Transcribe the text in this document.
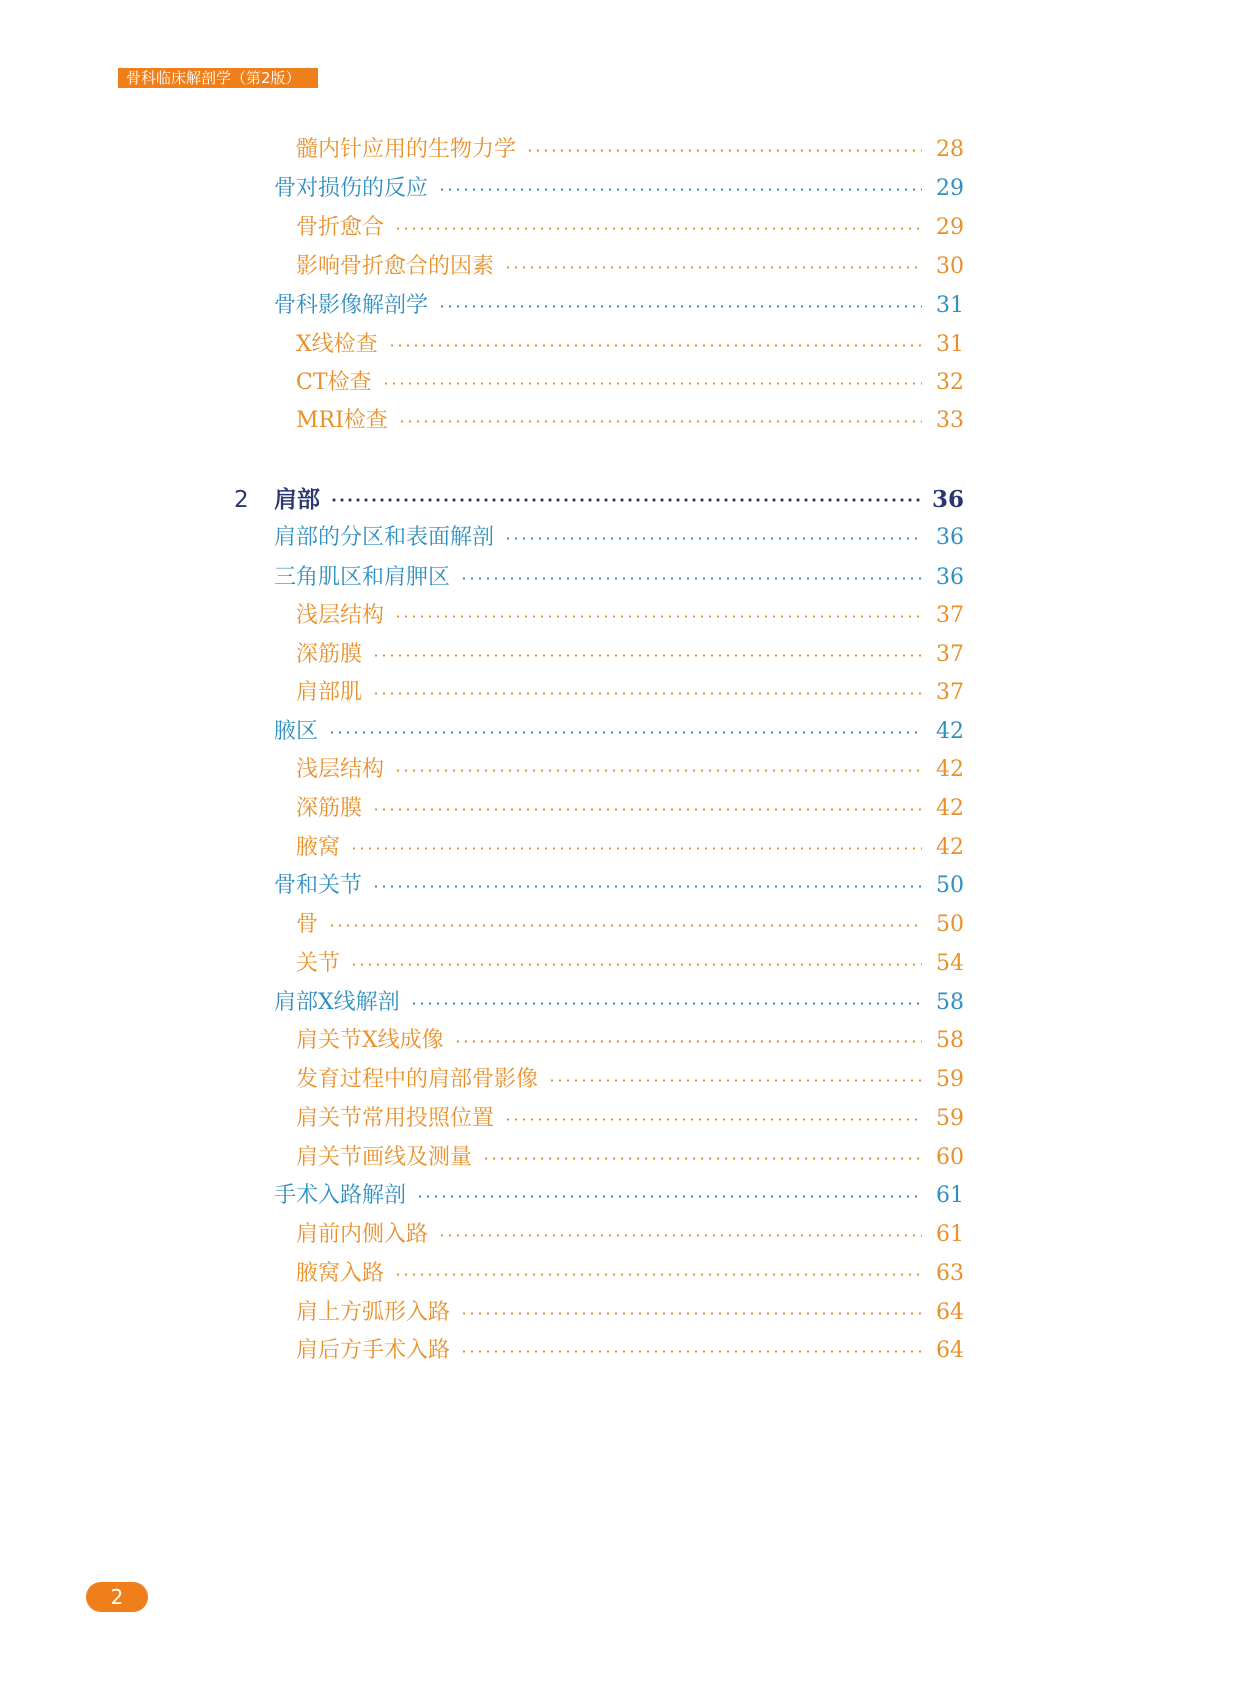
骨科临床解剖学（第2版）
髓内针应用的生物力学	28
骨对损伤的反应	29
骨折愈合	29
影响骨折愈合的因素	30
骨科影像解剖学	31
X线检查	31
CT检查	32
MRI检查	33
2	肩部	36
肩部的分区和表面解剖	36
三角肌区和肩胛区	36
浅层结构	37
深筋膜	37
肩部肌	37
腋区	42
浅层结构	42
深筋膜	42
腋窝	42
骨和关节	50
骨	50
关节	54
肩部X线解剖	58
肩关节X线成像	58
发育过程中的肩部骨影像	59
肩关节常用投照位置	59
肩关节画线及测量	60
手术入路解剖	61
肩前内侧入路	61
腋窝入路	63
肩上方弧形入路	64
肩后方手术入路	64
2
